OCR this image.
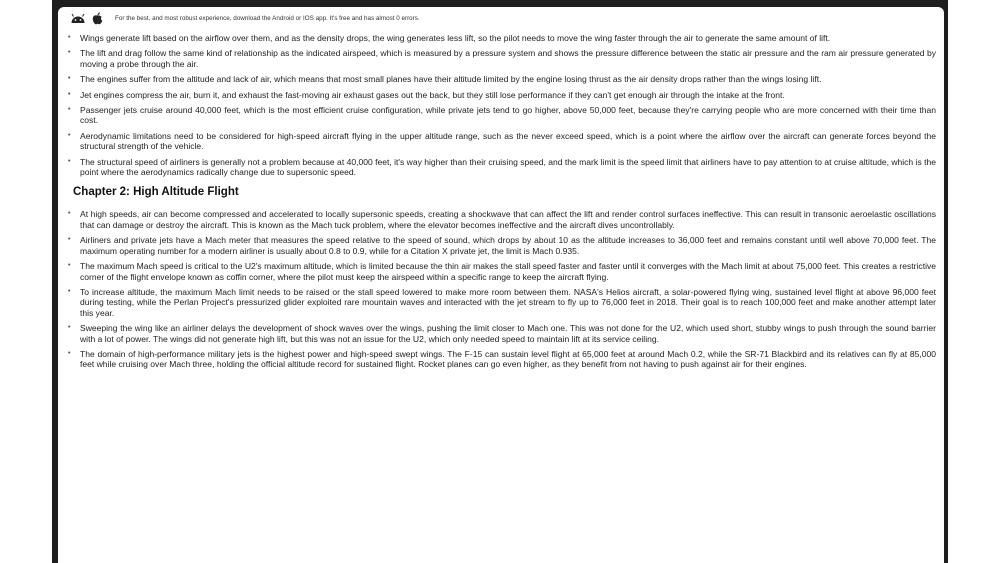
For the best, and most robust experience, download the Android or IOS app. It's free and has almost 0 errors.
• Wings generate lift based on the airflow over them, and as the density drops, the wing generates less lift, so the pilot needs to move the wing faster through the air to generate the same amount of lift.
• The lift and drag follow the same kind of relationship as the indicated airspeed, which is measured by a pressure system and shows the pressure difference between the static air pressure and the ram air pressure generated by moving a probe through the air.
• The engines suffer from the altitude and lack of air, which means that most small planes have their altitude limited by the engine losing thrust as the air density drops rather than the wings losing lift.
• Jet engines compress the air, burn it, and exhaust the fast-moving air exhaust gases out the back, but they still lose performance if they can't get enough air through the intake at the front.
• Passenger jets cruise around 40,000 feet, which is the most efficient cruise configuration, while private jets tend to go higher, above 50,000 feet, because they're carrying people who are more concerned with their time than cost.
• Aerodynamic limitations need to be considered for high-speed aircraft flying in the upper altitude range, such as the never exceed speed, which is a point where the airflow over the aircraft can generate forces beyond the structural strength of the vehicle.
• The structural speed of airliners is generally not a problem because at 40,000 feet, it's way higher than their cruising speed, and the mark limit is the speed limit that airliners have to pay attention to at cruise altitude, which is the point where the aerodynamics radically change due to supersonic speed.
Chapter 2: High Altitude Flight
• At high speeds, air can become compressed and accelerated to locally supersonic speeds, creating a shockwave that can affect the lift and render control surfaces ineffective. This can result in transonic aeroelastic oscillations that can damage or destroy the aircraft. This is known as the Mach tuck problem, where the elevator becomes ineffective and the aircraft dives uncontrollably.
• Airliners and private jets have a Mach meter that measures the speed relative to the speed of sound, which drops by about 10 as the altitude increases to 36,000 feet and remains constant until well above 70,000 feet. The maximum operating number for a modern airliner is usually about 0.8 to 0.9, while for a Citation X private jet, the limit is Mach 0.935.
• The maximum Mach speed is critical to the U2's maximum altitude, which is limited because the thin air makes the stall speed faster and faster until it converges with the Mach limit at about 75,000 feet. This creates a restrictive corner of the flight envelope known as coffin corner, where the pilot must keep the airspeed within a specific range to keep the aircraft flying.
• To increase altitude, the maximum Mach limit needs to be raised or the stall speed lowered to make more room between them. NASA's Helios aircraft, a solar-powered flying wing, sustained level flight at above 96,000 feet during testing, while the Perlan Project's pressurized glider exploited rare mountain waves and interacted with the jet stream to fly up to 76,000 feet in 2018. Their goal is to reach 100,000 feet and make another attempt later this year.
• Sweeping the wing like an airliner delays the development of shock waves over the wings, pushing the limit closer to Mach one. This was not done for the U2, which used short, stubby wings to push through the sound barrier with a lot of power. The wings did not generate high lift, but this was not an issue for the U2, which only needed speed to maintain lift at its service ceiling.
• The domain of high-performance military jets is the highest power and high-speed swept wings. The F-15 can sustain level flight at 65,000 feet at around Mach 0.2, while the SR-71 Blackbird and its relatives can fly at 85,000 feet while cruising over Mach three, holding the official altitude record for sustained flight. Rocket planes can go even higher, as they benefit from not having to push against air for their engines.
